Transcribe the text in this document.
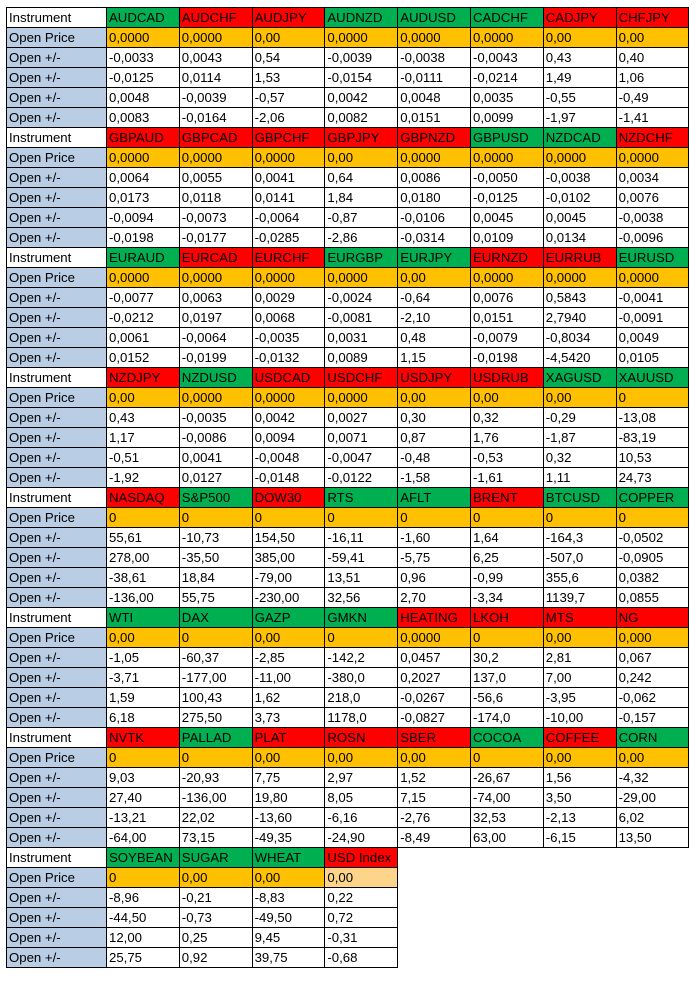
Instrument	AUDCAD	AUDCHF	AUDJPY	AUDNZD	AUDUSD	CADCHF	CADJPY	CHFJPY
Open Price	0,0000	0,0000	0,00	0,0000	0,0000	0,0000	0,00	0,00
Open +/-	-0,0033	0,0043	0,54	-0,0039	-0,0038	-0,0043	0,43	0,40
Open +/-	-0,0125	0,0114	1,53	-0,0154	-0,0111	-0,0214	1,49	1,06
Open +/-	0,0048	-0,0039	-0,57	0,0042	0,0048	0,0035	-0,55	-0,49
Open +/-	0,0083	-0,0164	-2,06	0,0082	0,0151	0,0099	-1,97	-1,41
Instrument	GBPAUD	GBPCAD	GBPCHF	GBPJPY	GBPNZD	GBPUSD	NZDCAD	NZDCHF
Open Price	0,0000	0,0000	0,0000	0,00	0,0000	0,0000	0,0000	0,0000
Open +/-	0,0064	0,0055	0,0041	0,64	0,0086	-0,0050	-0,0038	0,0034
Open +/-	0,0173	0,0118	0,0141	1,84	0,0180	-0,0125	-0,0102	0,0076
Open +/-	-0,0094	-0,0073	-0,0064	-0,87	-0,0106	0,0045	0,0045	-0,0038
Open +/-	-0,0198	-0,0177	-0,0285	-2,86	-0,0314	0,0109	0,0134	-0,0096
Instrument	EURAUD	EURCAD	EURCHF	EURGBP	EURJPY	EURNZD	EURRUB	EURUSD
Open Price	0,0000	0,0000	0,0000	0,0000	0,00	0,0000	0,0000	0,0000
Open +/-	-0,0077	0,0063	0,0029	-0,0024	-0,64	0,0076	0,5843	-0,0041
Open +/-	-0,0212	0,0197	0,0068	-0,0081	-2,10	0,0151	2,7940	-0,0091
Open +/-	0,0061	-0,0064	-0,0035	0,0031	0,48	-0,0079	-0,8034	0,0049
Open +/-	0,0152	-0,0199	-0,0132	0,0089	1,15	-0,0198	-4,5420	0,0105
Instrument	NZDJPY	NZDUSD	USDCAD	USDCHF	USDJPY	USDRUB	XAGUSD	XAUUSD
Open Price	0,00	0,0000	0,0000	0,0000	0,00	0,00	0,00	0
Open +/-	0,43	-0,0035	0,0042	0,0027	0,30	0,32	-0,29	-13,08
Open +/-	1,17	-0,0086	0,0094	0,0071	0,87	1,76	-1,87	-83,19
Open +/-	-0,51	0,0041	-0,0048	-0,0047	-0,48	-0,53	0,32	10,53
Open +/-	-1,92	0,0127	-0,0148	-0,0122	-1,58	-1,61	1,11	24,73
Instrument	NASDAQ	S&P500	DOW30	RTS	AFLT	BRENT	BTCUSD	COPPER
Open Price	0	0	0	0	0	0	0	0
Open +/-	55,61	-10,73	154,50	-16,11	-1,60	1,64	-164,3	-0,0502
Open +/-	278,00	-35,50	385,00	-59,41	-5,75	6,25	-507,0	-0,0905
Open +/-	-38,61	18,84	-79,00	13,51	0,96	-0,99	355,6	0,0382
Open +/-	-136,00	55,75	-230,00	32,56	2,70	-3,34	1139,7	0,0855
Instrument	WTI	DAX	GAZP	GMKN	HEATING	LKOH	MTS	NG
Open Price	0,00	0	0,00	0	0,0000	0	0,00	0,000
Open +/-	-1,05	-60,37	-2,85	-142,2	0,0457	30,2	2,81	0,067
Open +/-	-3,71	-177,00	-11,00	-380,0	0,2027	137,0	7,00	0,242
Open +/-	1,59	100,43	1,62	218,0	-0,0267	-56,6	-3,95	-0,062
Open +/-	6,18	275,50	3,73	1178,0	-0,0827	-174,0	-10,00	-0,157
Instrument	NVTK	PALLAD	PLAT	ROSN	SBER	COCOA	COFFEE	CORN
Open Price	0	0	0,00	0,00	0,00	0	0,00	0,00
Open +/-	9,03	-20,93	7,75	2,97	1,52	-26,67	1,56	-4,32
Open +/-	27,40	-136,00	19,80	8,05	7,15	-74,00	3,50	-29,00
Open +/-	-13,21	22,02	-13,60	-6,16	-2,76	32,53	-2,13	6,02
Open +/-	-64,00	73,15	-49,35	-24,90	-8,49	63,00	-6,15	13,50
Instrument	SOYBEAN	SUGAR	WHEAT	USD Index				
Open Price	0	0,00	0,00	0,00				
Open +/-	-8,96	-0,21	-8,83	0,22				
Open +/-	-44,50	-0,73	-49,50	0,72				
Open +/-	12,00	0,25	9,45	-0,31				
Open +/-	25,75	0,92	39,75	-0,68				
